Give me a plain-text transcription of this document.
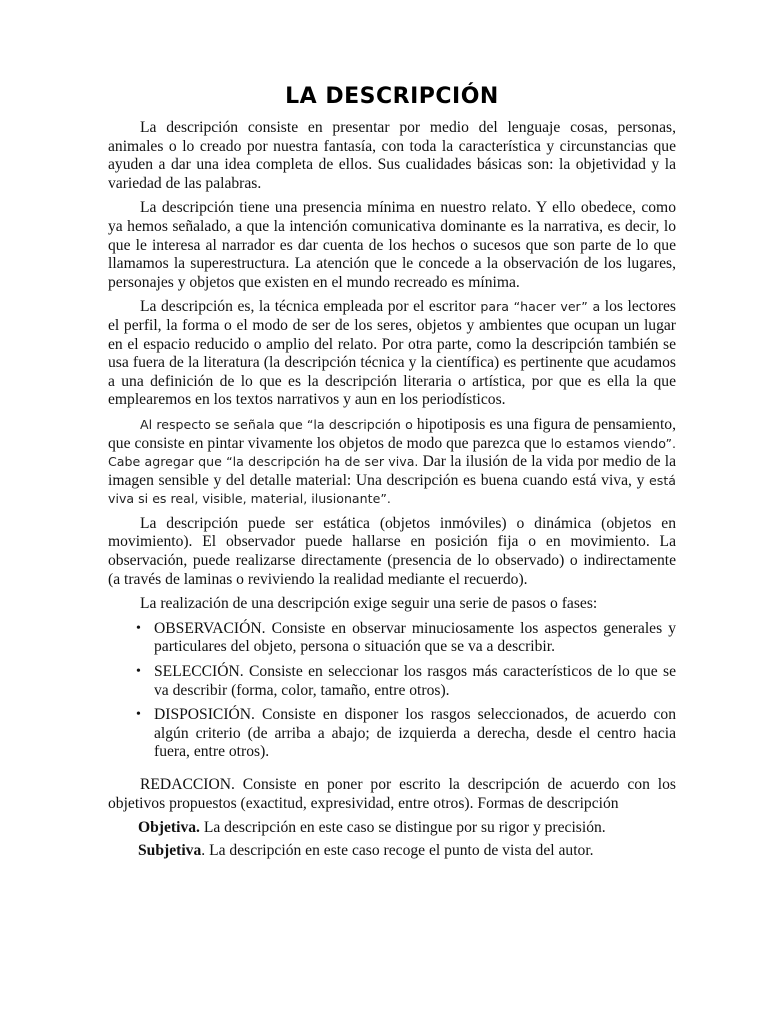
LA DESCRIPCIÓN

La descripción consiste en presentar por medio del lenguaje cosas, personas, animales o lo creado por nuestra fantasía, con toda la característica y circunstancias que ayuden a dar una idea completa de ellos. Sus cualidades básicas son: la objetividad y la variedad de las palabras.

La descripción tiene una presencia mínima en nuestro relato. Y ello obedece, como ya hemos señalado, a que la intención comunicativa dominante es la narrativa, es decir, lo que le interesa al narrador es dar cuenta de los hechos o sucesos que son parte de lo que llamamos la superestructura. La atención que le concede a la observación de los lugares, personajes y objetos que existen en el mundo recreado es mínima.

La descripción es, la técnica empleada por el escritor para “hacer ver” a los lectores el perfil, la forma o el modo de ser de los seres, objetos y ambientes que ocupan un lugar en el espacio reducido o amplio del relato. Por otra parte, como la descripción también se usa fuera de la literatura (la descripción técnica y la científica) es pertinente que acudamos a una definición de lo que es la descripción literaria o artística, por que es ella la que emplearemos en los textos narrativos y aun en los periodísticos.

Al respecto se señala que “la descripción o hipotiposis es una figura de pensamiento, que consiste en pintar vivamente los objetos de modo que parezca que lo estamos viendo”. Cabe agregar que “la descripción ha de ser viva. Dar la ilusión de la vida por medio de la imagen sensible y del detalle material: Una descripción es buena cuando está viva, y está viva si es real, visible, material, ilusionante”.

La descripción puede ser estática (objetos inmóviles) o dinámica (objetos en movimiento). El observador puede hallarse en posición fija o en movimiento. La observación, puede realizarse directamente (presencia de lo observado) o indirectamente (a través de laminas o reviviendo la realidad mediante el recuerdo).

La realización de una descripción exige seguir una serie de pasos o fases:

• OBSERVACIÓN. Consiste en observar minuciosamente los aspectos generales y particulares del objeto, persona o situación que se va a describir.
• SELECCIÓN. Consiste en seleccionar los rasgos más característicos de lo que se va describir (forma, color, tamaño, entre otros).
• DISPOSICIÓN. Consiste en disponer los rasgos seleccionados, de acuerdo con algún criterio (de arriba a abajo; de izquierda a derecha, desde el centro hacia fuera, entre otros).

REDACCION. Consiste en poner por escrito la descripción de acuerdo con los objetivos propuestos (exactitud, expresividad, entre otros). Formas de descripción

Objetiva. La descripción en este caso se distingue por su rigor y precisión.

Subjetiva. La descripción en este caso recoge el punto de vista del autor.
